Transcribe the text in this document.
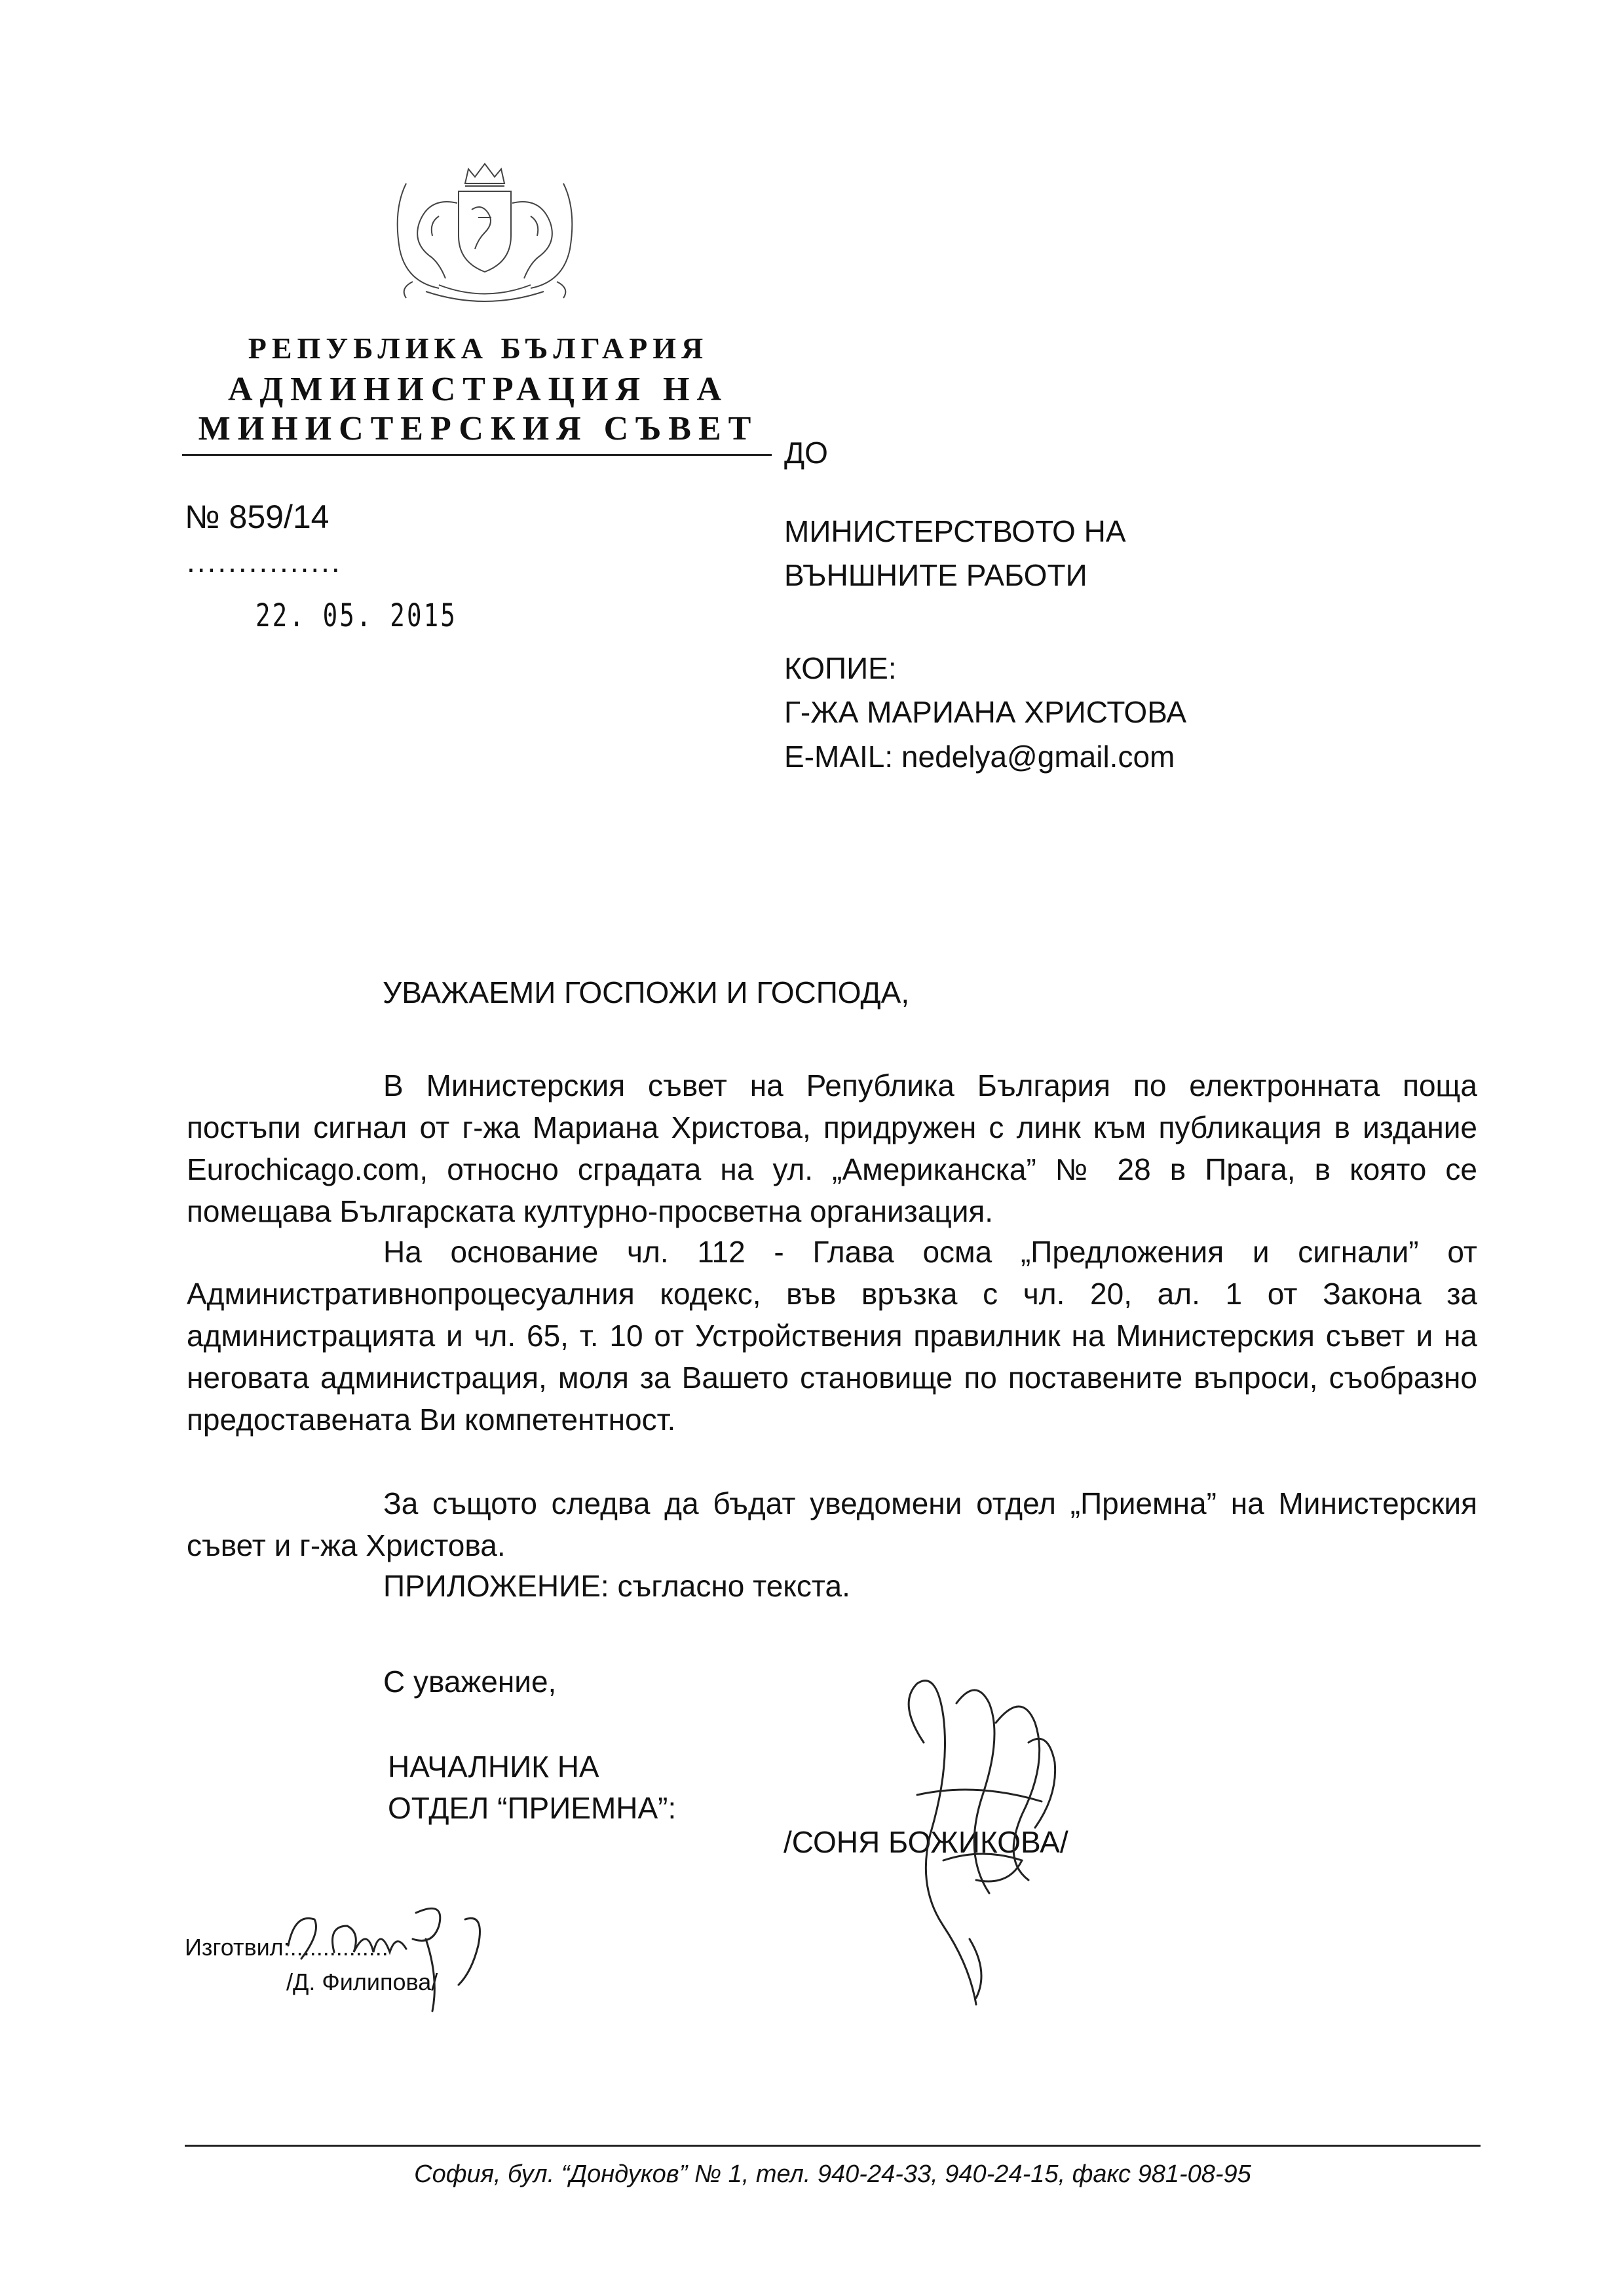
РЕПУБЛИКА БЪЛГАРИЯ
АДМИНИСТРАЦИЯ НА
МИНИСТЕРСКИЯ СЪВЕТ
№ 859/14
...............
22. 05. 2015
ДО
МИНИСТЕРСТВОТО НА
ВЪНШНИТЕ РАБОТИ
КОПИЕ:
Г-ЖА МАРИАНА ХРИСТОВА
E-MAIL: nedelya@gmail.com
УВАЖАЕМИ ГОСПОЖИ И ГОСПОДА,

В Министерския съвет на Република България по електронната поща постъпи сигнал от г-жа Мариана Христова, придружен с линк към публикация в издание Eurochicago.com, относно сградата на ул. „Американска” № 28 в Прага, в която се помещава Българската културно-просветна организация.

На основание чл. 112 - Глава осма „Предложения и сигнали” от Административнопроцесуалния кодекс, във връзка с чл. 20, ал. 1 от Закона за администрацията и чл. 65, т. 10 от Устройствения правилник на Министерския съвет и на неговата администрация, моля за Вашето становище по поставените въпроси, съобразно предоставената Ви компетентност.

За същото следва да бъдат уведомени отдел „Приемна” на Министерския съвет и г-жа Христова.

ПРИЛОЖЕНИЕ: съгласно текста.
С уважение,
НАЧАЛНИК НА
ОТДЕЛ “ПРИЕМНА”:
/СОНЯ БОЖИКОВА/
Изготвил:...............
/Д. Филипова/
София, бул. “Дондуков” № 1, тел. 940-24-33, 940-24-15, факс 981-08-95
